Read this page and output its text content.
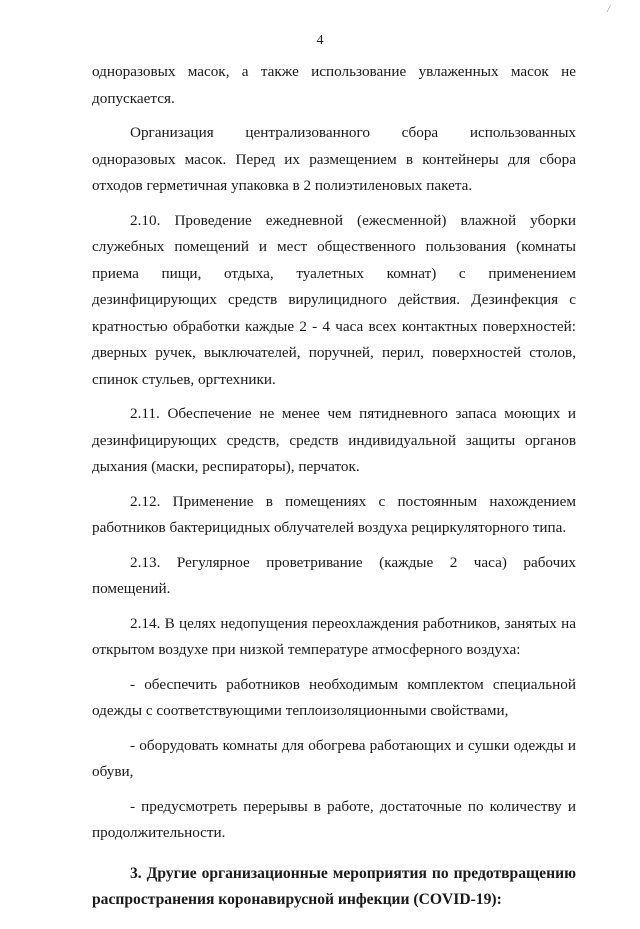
/
4

одноразовых масок, а также использование увлаженных масок не допускается.

Организация централизованного сбора использованных одноразовых масок. Перед их размещением в контейнеры для сбора отходов герметичная упаковка в 2 полиэтиленовых пакета.

2.10. Проведение ежедневной (ежесменной) влажной уборки служебных помещений и мест общественного пользования (комнаты приема пищи, отдыха, туалетных комнат) с применением дезинфицирующих средств вирулицидного действия. Дезинфекция с кратностью обработки каждые 2 - 4 часа всех контактных поверхностей: дверных ручек, выключателей, поручней, перил, поверхностей столов, спинок стульев, оргтехники.

2.11. Обеспечение не менее чем пятидневного запаса моющих и дезинфицирующих средств, средств индивидуальной защиты органов дыхания (маски, респираторы), перчаток.

2.12. Применение в помещениях с постоянным нахождением работников бактерицидных облучателей воздуха рециркуляторного типа.

2.13. Регулярное проветривание (каждые 2 часа) рабочих помещений.

2.14. В целях недопущения переохлаждения работников, занятых на открытом воздухе при низкой температуре атмосферного воздуха:

- обеспечить работников необходимым комплектом специальной одежды с соответствующими теплоизоляционными свойствами,

- оборудовать комнаты для обогрева работающих и сушки одежды и обуви,

- предусмотреть перерывы в работе, достаточные по количеству и продолжительности.

3. Другие организационные мероприятия по предотвращению распространения коронавирусной инфекции (COVID-19):
